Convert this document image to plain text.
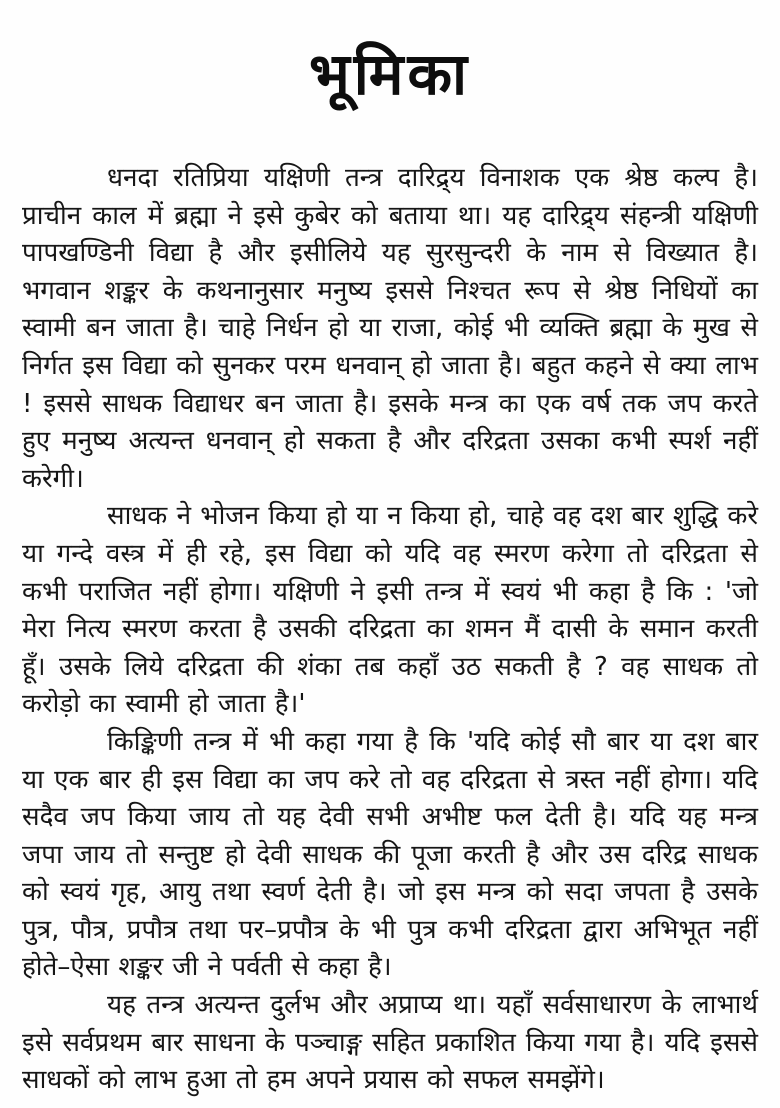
भूमिका

धनदा रतिप्रिया यक्षिणी तन्त्र दारिद्र्य विनाशक एक श्रेष्ठ कल्प है। प्राचीन काल में ब्रह्मा ने इसे कुबेर को बताया था। यह दारिद्र्य संहन्त्री यक्षिणी पापखण्डिनी विद्या है और इसीलिये यह सुरसुन्दरी के नाम से विख्यात है। भगवान शङ्कर के कथनानुसार मनुष्य इससे निश्चत रूप से श्रेष्ठ निधियों का स्वामी बन जाता है। चाहे निर्धन हो या राजा, कोई भी व्यक्ति ब्रह्मा के मुख से निर्गत इस विद्या को सुनकर परम धनवान् हो जाता है। बहुत कहने से क्या लाभ ! इससे साधक विद्याधर बन जाता है। इसके मन्त्र का एक वर्ष तक जप करते हुए मनुष्य अत्यन्त धनवान् हो सकता है और दरिद्रता उसका कभी स्पर्श नहीं करेगी।

साधक ने भोजन किया हो या न किया हो, चाहे वह दश बार शुद्धि करे या गन्दे वस्त्र में ही रहे, इस विद्या को यदि वह स्मरण करेगा तो दरिद्रता से कभी पराजित नहीं होगा। यक्षिणी ने इसी तन्त्र में स्वयं भी कहा है कि : 'जो मेरा नित्य स्मरण करता है उसकी दरिद्रता का शमन मैं दासी के समान करती हूँ। उसके लिये दरिद्रता की शंका तब कहाँ उठ सकती है ? वह साधक तो करोड़ो का स्वामी हो जाता है।'

किङ्किणी तन्त्र में भी कहा गया है कि 'यदि कोई सौ बार या दश बार या एक बार ही इस विद्या का जप करे तो वह दरिद्रता से त्रस्त नहीं होगा। यदि सदैव जप किया जाय तो यह देवी सभी अभीष्ट फल देती है। यदि यह मन्त्र जपा जाय तो सन्तुष्ट हो देवी साधक की पूजा करती है और उस दरिद्र साधक को स्वयं गृह, आयु तथा स्वर्ण देती है। जो इस मन्त्र को सदा जपता है उसके पुत्र, पौत्र, प्रपौत्र तथा पर–प्रपौत्र के भी पुत्र कभी दरिद्रता द्वारा अभिभूत नहीं होते–ऐसा शङ्कर जी ने पर्वती से कहा है।

यह तन्त्र अत्यन्त दुर्लभ और अप्राप्य था। यहाँ सर्वसाधारण के लाभार्थ इसे सर्वप्रथम बार साधना के पञ्चाङ्ग सहित प्रकाशित किया गया है। यदि इससे साधकों को लाभ हुआ तो हम अपने प्रयास को सफल समझेंगे।
